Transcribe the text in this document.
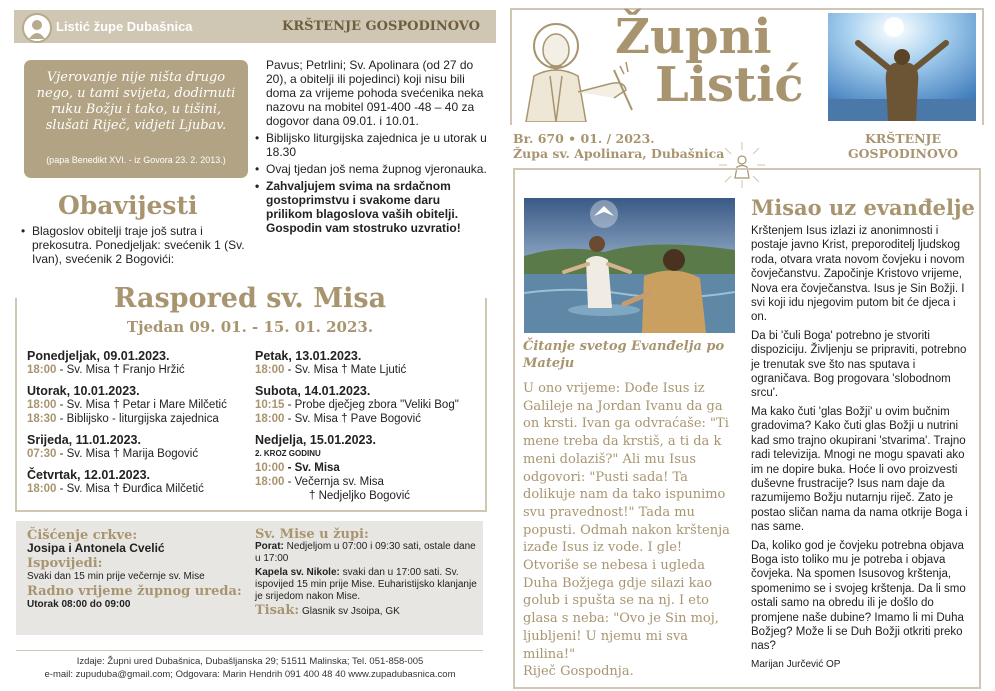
Listić župe Dubašnica	KRŠTENJE GOSPODINOVO
Vjerovanje nije ništa drugo nego, u tami svijeta, dodirnuti ruku Božju i tako, u tišini, slušati Riječ, vidjeti Ljubav.
(papa Benedikt XVI. - iz Govora 23. 2. 2013.)
Obavijesti
• Blagoslov obitelji traje još sutra i prekosutra. Ponedjeljak: svećenik 1 (Sv. Ivan), svećenik 2 Bogovići:
Pavus; Petrlini; Sv. Apolinara (od 27 do 20), a obitelji ili pojedinci) koji nisu bili doma za vrijeme pohoda svećenika neka nazovu na mobitel 091-400 -48 – 40 za dogovor dana 09.01. i 10.01.
• Biblijsko liturgijska zajednica je u utorak u 18.30
• Ovaj tjedan još nema župnog vjeronauka.
• Zahvaljujem svima na srdačnom gostoprimstvu i svakome daru prilikom blagoslova vaših obitelji. Gospodin vam stostruko uzvratio!
Raspored sv. Misa
Tjedan 09. 01. - 15. 01. 2023.
Ponedjeljak, 09.01.2023.
18:00 - Sv. Misa † Franjo Hržić
Utorak, 10.01.2023.
18:00 - Sv. Misa † Petar i Mare Milčetić
18:30 - Biblijsko - liturgijska zajednica
Srijeda, 11.01.2023.
07:30 - Sv. Misa † Marija Bogović
Četvrtak, 12.01.2023.
18:00 - Sv. Misa † Đurđica Milčetić
Petak, 13.01.2023.
18:00 - Sv. Misa † Mate Ljutić
Subota, 14.01.2023.
10:15 - Probe dječjeg zbora "Veliki Bog"
18:00 - Sv. Misa † Pave Bogović
Nedjelja, 15.01.2023.
2. KROZ GODINU
10:00 - Sv. Misa
18:00 - Večernja sv. Misa
† Nedjeljko Bogović
Čišćenje crkve:
Josipa i Antonela Cvelić
Ispovijedi:
Svaki dan 15 min prije večernje sv. Mise
Radno vrijeme župnog ureda:
Utorak 08:00 do 09:00
Sv. Mise u župi:
Porat: Nedjeljom u 07:00 i 09:30 sati, ostale dane u 17:00
Kapela sv. Nikole: svaki dan u 17:00 sati. Sv. ispovijed 15 min prije Mise. Euharistijsko klanjanje je srijedom nakon Mise.
Tisak: Glasnik sv Jsoipa, GK
Izdaje: Župni ured Dubašnica, Dubašljanska 29; 51511 Malinska; Tel. 051-858-005
e-mail: zupuduba@gmail.com; Odgovara: Marin Hendrih 091 400 48 40 www.zupadubasnica.com
Župni
Listić
Br. 670 • 01. / 2023.
Župa sv. Apolinara, Dubašnica
KRŠTENJE
GOSPODINOVO
Čitanje svetog Evanđelja po Mateju
U ono vrijeme: Dođe Isus iz Galileje na Jordan Ivanu da ga on krsti. Ivan ga odvraćaše: "Ti mene treba da krstiš, a ti da k meni dolaziš?" Ali mu Isus odgovori: "Pusti sada! Ta dolikuje nam da tako ispunimo svu pravednost!" Tada mu popusti. Odmah nakon krštenja izađe Isus iz vode. I gle! Otvoriše se nebesa i ugleda Duha Božjega gdje silazi kao golub i spušta se na nj. I eto glasa s neba: "Ovo je Sin moj, ljubljeni! U njemu mi sva milina!"
Riječ Gospodnja.
Misao uz evanđelje

Krštenjem Isus izlazi iz anonimnosti i postaje javno Krist, preporoditelj ljudskog roda, otvara vrata novom čovjeku i novom čovječanstvu. Započinje Kristovo vrijeme, Nova era čovječanstva. Isus je Sin Božji. I svi koji idu njegovim putom bit će djeca i on.

Da bi 'čuli Boga' potrebno je stvoriti dispoziciju. Življenju se pripraviti, potrebno je trenutak sve što nas sputava i ograničava. Bog progovara 'slobodnom srcu'.

Ma kako čuti 'glas Božji' u ovim bučnim gradovima? Kako čuti glas Božji u nutrini kad smo trajno okupirani 'stvarima'. Trajno radi televizija. Mnogi ne mogu spavati ako im ne dopire buka. Hoće li ovo proizvesti duševne frustracije? Isus nam daje da razumijemo Božju nutarnju riječ. Zato je postao sličan nama da nama otkrije Boga i nas same.

Da, koliko god je čovjeku potrebna objava Boga isto toliko mu je potreba i objava čovjeka. Na spomen Isusovog krštenja, spomenimo se i svojeg krštenja. Da li smo ostali samo na obredu ili je došlo do promjene naše dubine? Imamo li mi Duha Božjeg? Može li se Duh Božji otkriti preko nas?

Marijan Jurčević OP
